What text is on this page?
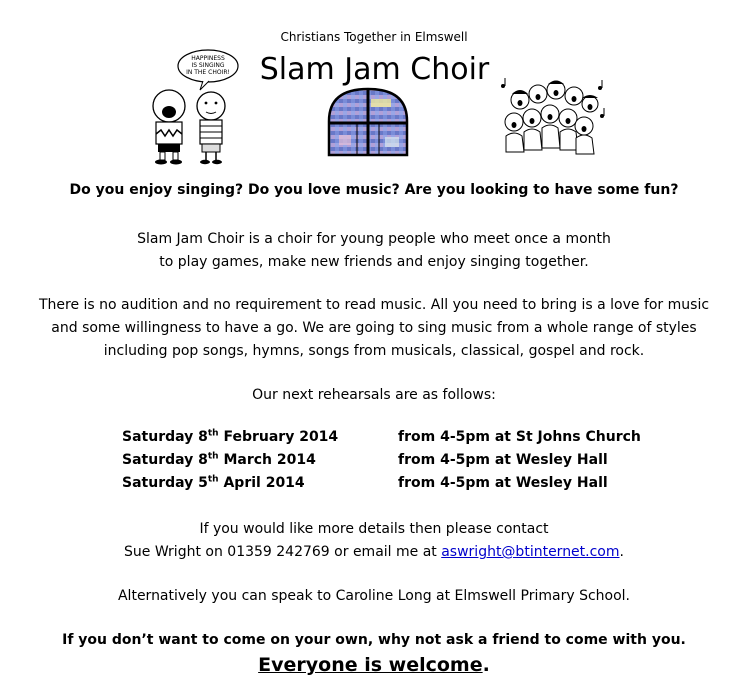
Christians Together in Elmswell
Slam Jam Choir
HAPPINESS
IS SINGING
IN THE CHOIR!
Do you enjoy singing? Do you love music? Are you looking to have some fun?
Slam Jam Choir is a choir for young people who meet once a month
to play games, make new friends and enjoy singing together.
There is no audition and no requirement to read music. All you need to bring is a love for music
and some willingness to have a go. We are going to sing music from a whole range of styles
including pop songs, hymns, songs from musicals, classical, gospel and rock.
Our next rehearsals are as follows:
Saturday 8th February 2014	from 4-5pm at St Johns Church
Saturday 8th March 2014	from 4-5pm at Wesley Hall
Saturday 5th April 2014	from 4-5pm at Wesley Hall
If you would like more details then please contact
Sue Wright on 01359 242769 or email me at aswright@btinternet.com.
Alternatively you can speak to Caroline Long at Elmswell Primary School.
If you don’t want to come on your own, why not ask a friend to come with you.
Everyone is welcome.
